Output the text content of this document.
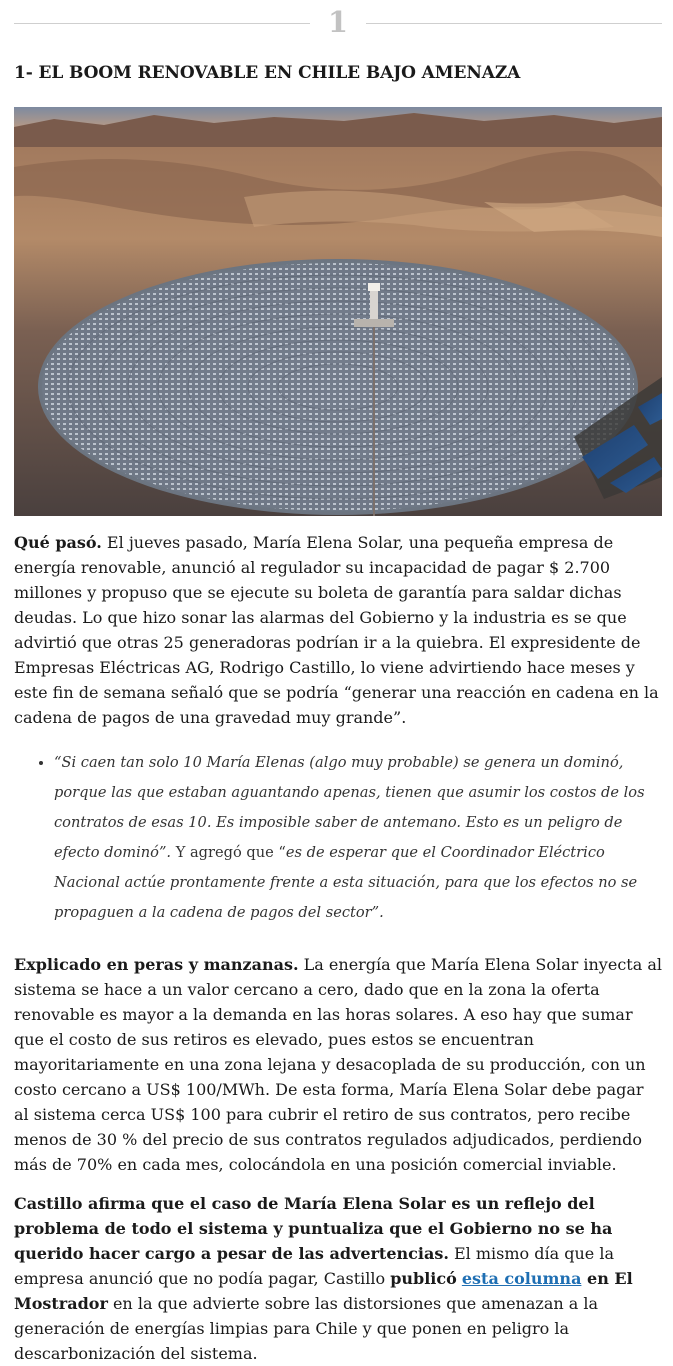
1
1- EL BOOM RENOVABLE EN CHILE BAJO AMENAZA

Qué pasó. El jueves pasado, María Elena Solar, una pequeña empresa de energía renovable, anunció al regulador su incapacidad de pagar $ 2.700 millones y propuso que se ejecute su boleta de garantía para saldar dichas deudas. Lo que hizo sonar las alarmas del Gobierno y la industria es se que advirtió que otras 25 generadoras podrían ir a la quiebra. El expresidente de Empresas Eléctricas AG, Rodrigo Castillo, lo viene advirtiendo hace meses y este fin de semana señaló que se podría “generar una reacción en cadena en la cadena de pagos de una gravedad muy grande”.

• “Si caen tan solo 10 María Elenas (algo muy probable) se genera un dominó, porque las que estaban aguantando apenas, tienen que asumir los costos de los contratos de esas 10. Es imposible saber de antemano. Esto es un peligro de efecto dominó”. Y agregó que “es de esperar que el Coordinador Eléctrico Nacional actúe prontamente frente a esta situación, para que los efectos no se propaguen a la cadena de pagos del sector”.

Explicado en peras y manzanas. La energía que María Elena Solar inyecta al sistema se hace a un valor cercano a cero, dado que en la zona la oferta renovable es mayor a la demanda en las horas solares. A eso hay que sumar que el costo de sus retiros es elevado, pues estos se encuentran mayoritariamente en una zona lejana y desacoplada de su producción, con un costo cercano a US$ 100/MWh. De esta forma, María Elena Solar debe pagar al sistema cerca US$ 100 para cubrir el retiro de sus contratos, pero recibe menos de 30 % del precio de sus contratos regulados adjudicados, perdiendo más de 70% en cada mes, colocándola en una posición comercial inviable.

Castillo afirma que el caso de María Elena Solar es un reflejo del problema de todo el sistema y puntualiza que el Gobierno no se ha querido hacer cargo a pesar de las advertencias. El mismo día que la empresa anunció que no podía pagar, Castillo publicó esta columna en El Mostrador en la que advierte sobre las distorsiones que amenazan a la generación de energías limpias para Chile y que ponen en peligro la descarbonización del sistema.
